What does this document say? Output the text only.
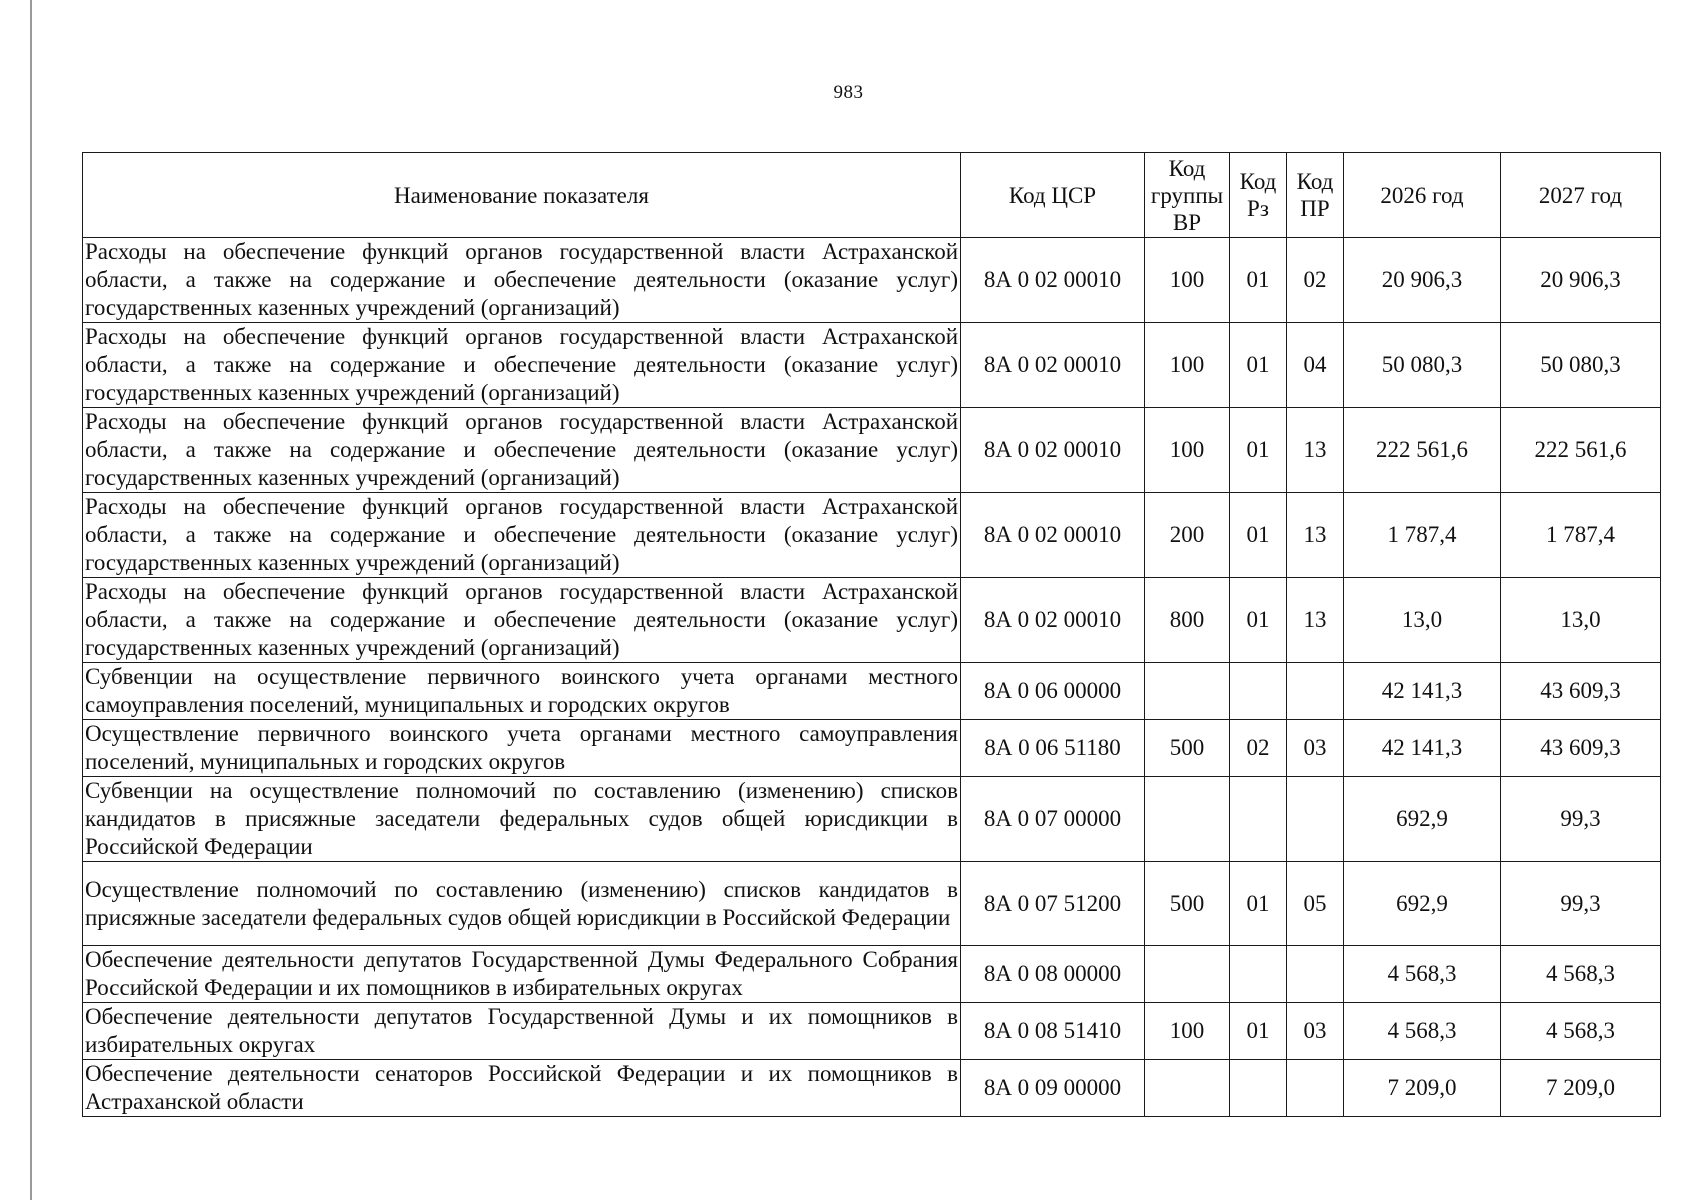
983
Наименование показателя	Код ЦСР	Код группы ВР	Код Рз	Код ПР	2026 год	2027 год
Расходы на обеспечение функций органов государственной власти Астраханской области, а также на содержание и обеспечение деятельности (оказание услуг) государственных казенных учреждений (организаций)	8А 0 02 00010	100	01	02	20 906,3	20 906,3
Расходы на обеспечение функций органов государственной власти Астраханской области, а также на содержание и обеспечение деятельности (оказание услуг) государственных казенных учреждений (организаций)	8А 0 02 00010	100	01	04	50 080,3	50 080,3
Расходы на обеспечение функций органов государственной власти Астраханской области, а также на содержание и обеспечение деятельности (оказание услуг) государственных казенных учреждений (организаций)	8А 0 02 00010	100	01	13	222 561,6	222 561,6
Расходы на обеспечение функций органов государственной власти Астраханской области, а также на содержание и обеспечение деятельности (оказание услуг) государственных казенных учреждений (организаций)	8А 0 02 00010	200	01	13	1 787,4	1 787,4
Расходы на обеспечение функций органов государственной власти Астраханской области, а также на содержание и обеспечение деятельности (оказание услуг) государственных казенных учреждений (организаций)	8А 0 02 00010	800	01	13	13,0	13,0
Субвенции на осуществление первичного воинского учета органами местного самоуправления поселений, муниципальных и городских округов	8А 0 06 00000				42 141,3	43 609,3
Осуществление первичного воинского учета органами местного самоуправления поселений, муниципальных и городских округов	8А 0 06 51180	500	02	03	42 141,3	43 609,3
Субвенции на осуществление полномочий по составлению (изменению) списков кандидатов в присяжные заседатели федеральных судов общей юрисдикции в Российской Федерации	8А 0 07 00000				692,9	99,3
Осуществление полномочий по составлению (изменению) списков кандидатов в присяжные заседатели федеральных судов общей юрисдикции в Российской Федерации	8А 0 07 51200	500	01	05	692,9	99,3
Обеспечение деятельности депутатов Государственной Думы Федерального Собрания Российской Федерации и их помощников в избирательных округах	8А 0 08 00000				4 568,3	4 568,3
Обеспечение деятельности депутатов Государственной Думы и их помощников в избирательных округах	8А 0 08 51410	100	01	03	4 568,3	4 568,3
Обеспечение деятельности сенаторов Российской Федерации и их помощников в Астраханской области	8А 0 09 00000				7 209,0	7 209,0
